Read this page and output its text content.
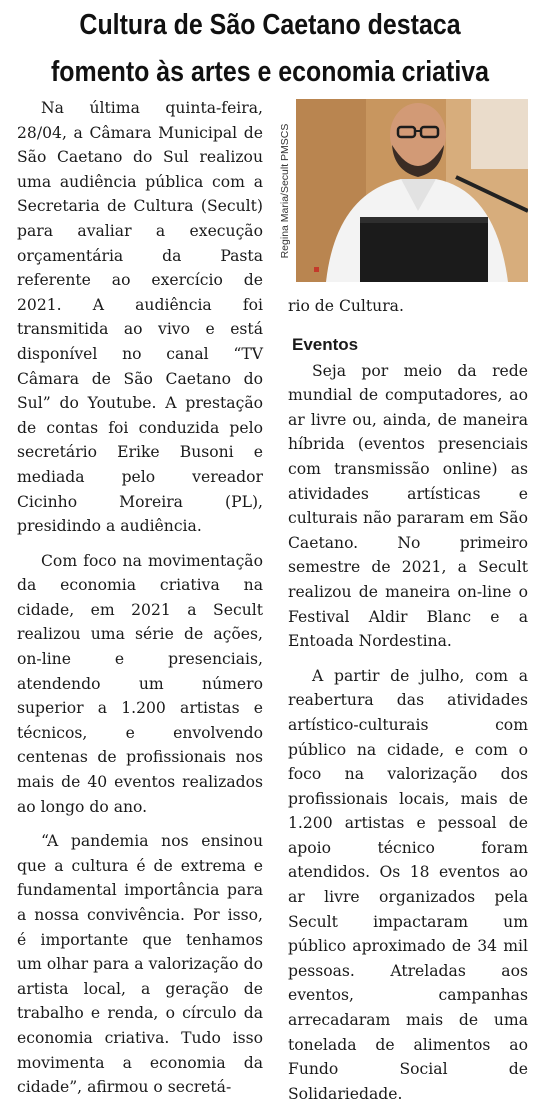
Cultura de São Caetano destaca
fomento às artes e economia criativa

Na última quinta-feira, 28/04, a Câmara Municipal de São Caetano do Sul realizou uma audiência pública com a Secretaria de Cultura (Secult) para avaliar a execução orçamentária da Pasta referente ao exercício de 2021. A audiência foi transmitida ao vivo e está disponível no canal “TV Câmara de São Caetano do Sul” do Youtube. A prestação de contas foi conduzida pelo secretário Erike Busoni e mediada pelo vereador Cicinho Moreira (PL), presidindo a audiência.

Com foco na movimentação da economia criativa na cidade, em 2021 a Secult realizou uma série de ações, on-line e presenciais, atendendo um número superior a 1.200 artistas e técnicos, e envolvendo centenas de profissionais nos mais de 40 eventos realizados ao longo do ano.

“A pandemia nos ensinou que a cultura é de extrema e fundamental importância para a nossa convivência. Por isso, é importante que tenhamos um olhar para a valorização do artista local, a geração de trabalho e renda, o círculo da economia criativa. Tudo isso movimenta a economia da cidade”, afirmou o secretá-

Regina Maria/Secult PMSCS

rio de Cultura.

Eventos

Seja por meio da rede mundial de computadores, ao ar livre ou, ainda, de maneira híbrida (eventos presenciais com transmissão online) as atividades artísticas e culturais não pararam em São Caetano. No primeiro semestre de 2021, a Secult realizou de maneira on-line o Festival Aldir Blanc e a Entoada Nordestina.

A partir de julho, com a reabertura das atividades artístico-culturais com público na cidade, e com o foco na valorização dos profissionais locais, mais de 1.200 artistas e pessoal de apoio técnico foram atendidos. Os 18 eventos ao ar livre organizados pela Secult impactaram um público aproximado de 34 mil pessoas. Atreladas aos eventos, campanhas arrecadaram mais de uma tonelada de alimentos ao Fundo Social de Solidariedade.
